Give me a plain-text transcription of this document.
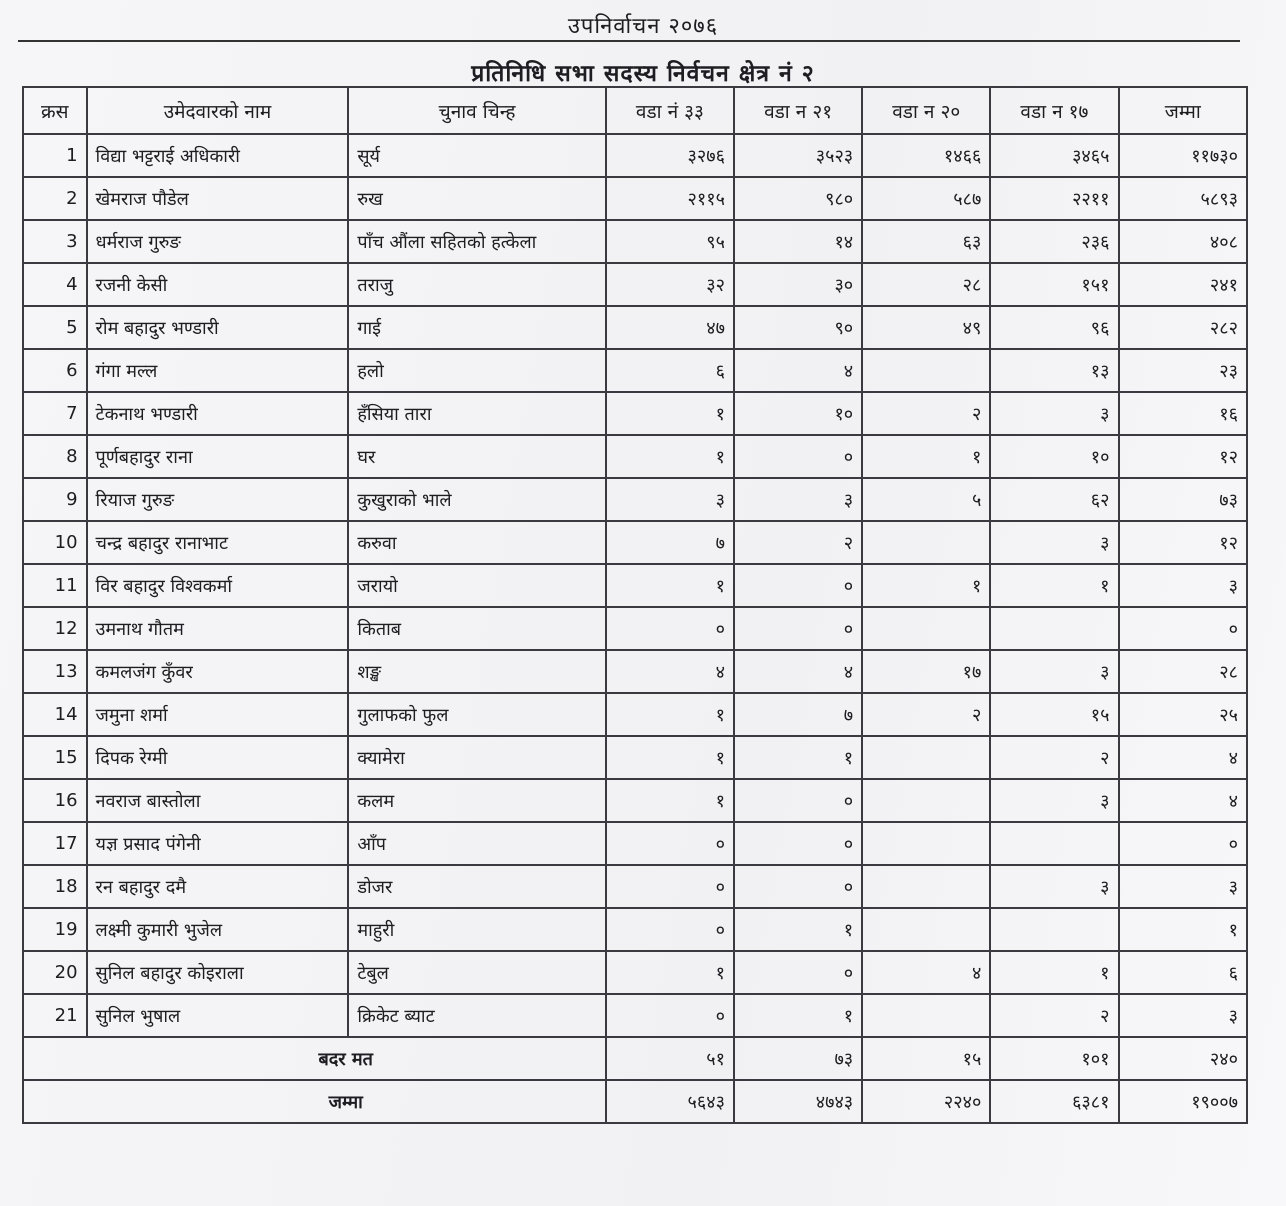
उपनिर्वाचन २०७६
प्रतिनिधि सभा सदस्य निर्वचन क्षेत्र नं २
क्रस	उमेदवारको नाम	चुनाव चिन्ह	वडा नं ३३	वडा न २१	वडा न २०	वडा न १७	जम्मा
1	विद्या भट्टराई अधिकारी	सूर्य	३२७६	३५२३	१४६६	३४६५	११७३०
2	खेमराज पौडेल	रुख	२११५	९८०	५८७	२२११	५८९३
3	धर्मराज गुरुङ	पाँच औंला सहितको हत्केला	९५	१४	६३	२३६	४०८
4	रजनी केसी	तराजु	३२	३०	२८	१५१	२४१
5	रोम बहादुर भण्डारी	गाई	४७	९०	४९	९६	२८२
6	गंगा मल्ल	हलो	६	४		१३	२३
7	टेकनाथ भण्डारी	हँसिया तारा	१	१०	२	३	१६
8	पूर्णबहादुर राना	घर	१	०	१	१०	१२
9	रियाज गुरुङ	कुखुराको भाले	३	३	५	६२	७३
10	चन्द्र बहादुर रानाभाट	करुवा	७	२		३	१२
11	विर बहादुर विश्वकर्मा	जरायो	१	०	१	१	३
12	उमनाथ गौतम	किताब	०	०			०
13	कमलजंग कुँवर	शङ्ख	४	४	१७	३	२८
14	जमुना शर्मा	गुलाफको फुल	१	७	२	१५	२५
15	दिपक रेग्मी	क्यामेरा	१	१		२	४
16	नवराज बास्तोला	कलम	१	०		३	४
17	यज्ञ प्रसाद पंगेनी	आँप	०	०			०
18	रन बहादुर दमै	डोजर	०	०		३	३
19	लक्ष्मी कुमारी भुजेल	माहुरी	०	१			१
20	सुनिल बहादुर कोइराला	टेबुल	१	०	४	१	६
21	सुनिल भुषाल	क्रिकेट ब्याट	०	१		२	३
	बदर मत		५१	७३	१५	१०१	२४०
	जम्मा		५६४३	४७४३	२२४०	६३८१	१९००७
